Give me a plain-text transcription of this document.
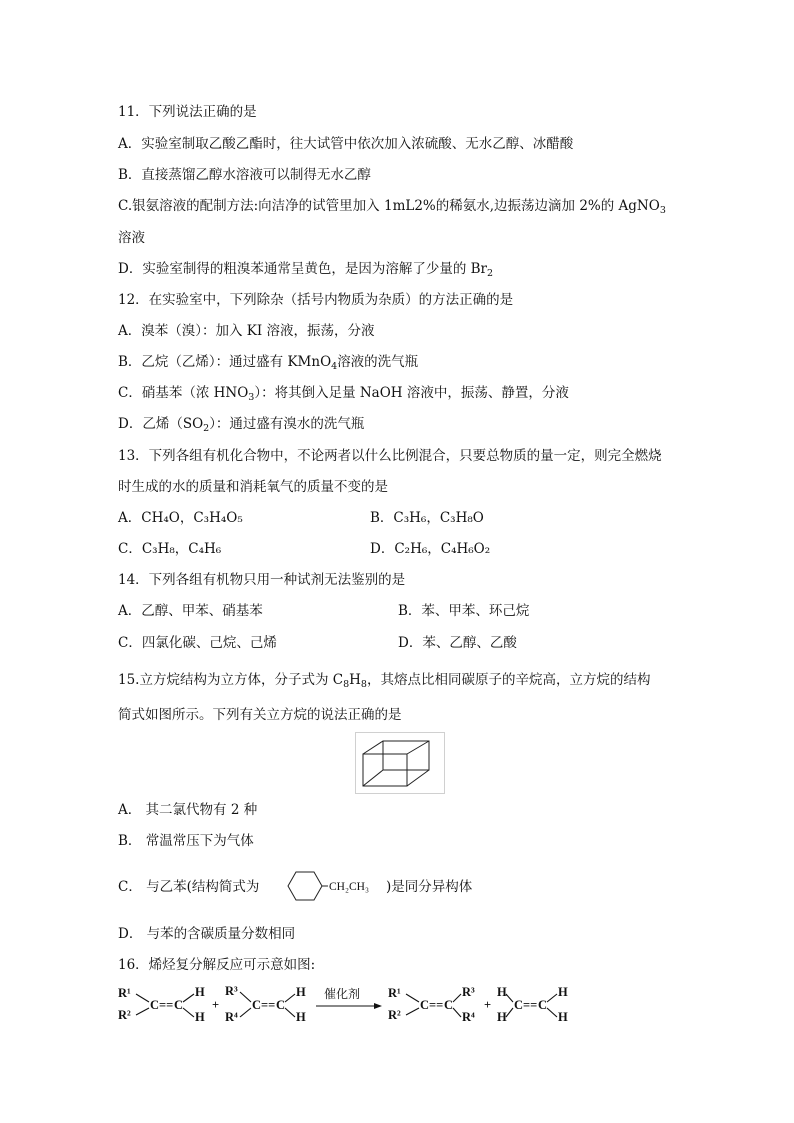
11．下列说法正确的是
A．实验室制取乙酸乙酯时，往大试管中依次加入浓硫酸、无水乙醇、冰醋酸
B．直接蒸馏乙醇水溶液可以制得无水乙醇
C.银氨溶液的配制方法:向洁净的试管里加入 1mL2%的稀氨水,边振荡边滴加 2%的 AgNO$_3$
溶液
D．实验室制得的粗溴苯通常呈黄色，是因为溶解了少量的 $Br_2$
12．在实验室中，下列除杂（括号内物质为杂质）的方法正确的是
A．溴苯（溴）：加入 KI 溶液，振荡，分液
B．乙烷（乙烯）：通过盛有 KMnO$_4$溶液的洗气瓶
C．硝基苯（浓 $HNO_3$）：将其倒入足量 NaOH 溶液中，振荡、静置，分液
D．乙烯$(SO_2)$：通过盛有溴水的洗气瓶
13．下列各组有机化合物中，不论两者以什么比例混合，只要总物质的量一定，则完全燃烧
时生成的水的质量和消耗氧气的质量不变的是
A．CH₄O，C₃H₄O₅	B．C₃H₆，C₃H₈O
C．C₃H₈，C₄H₆	D．C₂H₆，C₄H₆O₂
14．下列各组有机物只用一种试剂无法鉴别的是
A．乙醇、甲苯、硝基苯	B．苯、甲苯、环己烷
C．四氯化碳、己烷、己烯	D．苯、乙醇、乙酸
15.立方烷结构为立方体，分子式为 $C_8H_8$，其熔点比相同碳原子的辛烷高，立方烷的结构
简式如图所示。下列有关立方烷的说法正确的是
A． 其二氯代物有 2 种
B． 常温常压下为气体
C． 与乙苯(结构简式为	CH₂CH₃ )是同分异构体
D． 与苯的含碳质量分数相同
16．烯烃复分解反应可示意如图:
R¹
R²
C == C
H
H
+
R³
R⁴
C == C
H
H
R¹
R²
C == C
R³
R⁴
+
H
H
C == C
H
H
催化剂
